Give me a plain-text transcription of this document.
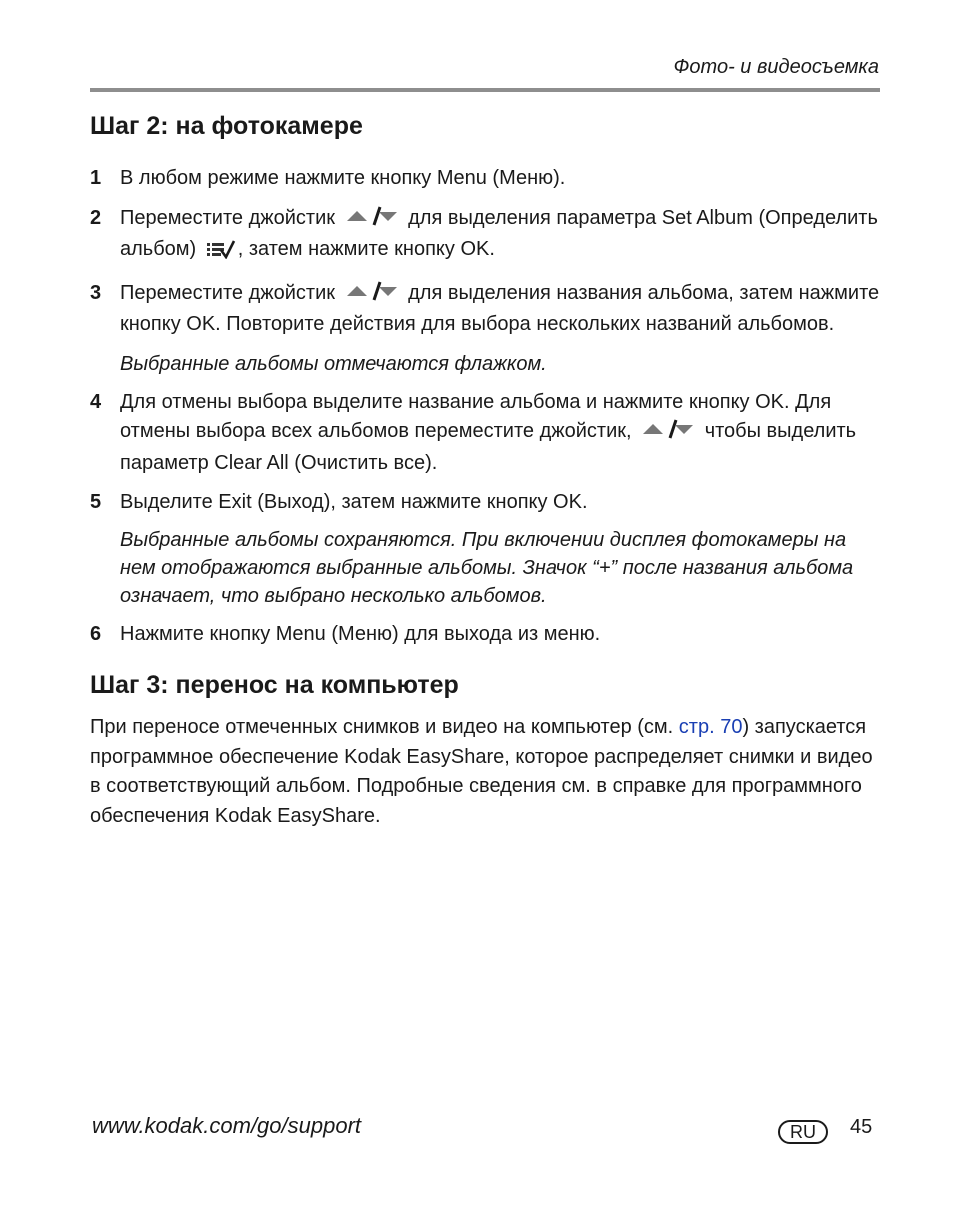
Фото- и видеосъемка
Шаг 2: на фотокамере
1 В любом режиме нажмите кнопку Menu (Меню).
2 Переместите джойстик	для выделения параметра Set Album (Определить альбом) , затем нажмите кнопку OK.
3 Переместите джойстик	для выделения названия альбома, затем нажмите кнопку OK. Повторите действия для выбора нескольких названий альбомов.
Выбранные альбомы отмечаются флажком.
4 Для отмены выбора выделите название альбома и нажмите кнопку OK. Для отмены выбора всех альбомов переместите джойстик,	чтобы выделить параметр Clear All (Очистить все).
5 Выделите Exit (Выход), затем нажмите кнопку OK.
Выбранные альбомы сохраняются. При включении дисплея фотокамеры на нем отображаются выбранные альбомы. Значок “+” после названия альбома означает, что выбрано несколько альбомов.
6 Нажмите кнопку Menu (Меню) для выхода из меню.
Шаг 3: перенос на компьютер
При переносе отмеченных снимков и видео на компьютер (см. стр. 70) запускается программное обеспечение Kodak EasyShare, которое распределяет снимки и видео в соответствующий альбом. Подробные сведения см. в справке для программного обеспечения Kodak EasyShare.
www.kodak.com/go/support	RU	45
